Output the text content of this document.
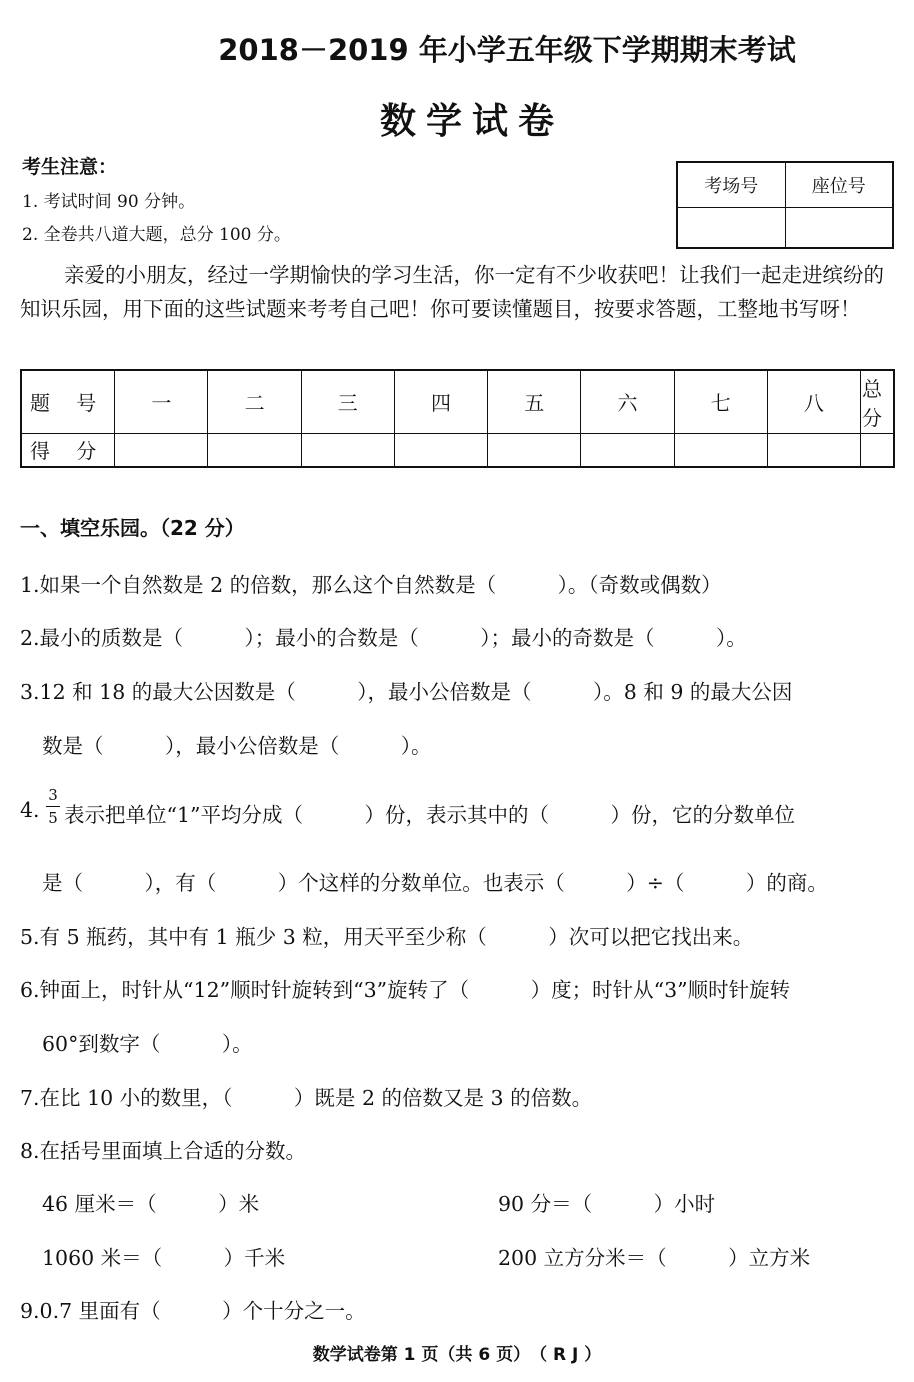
2018－2019 年小学五年级下学期期末考试
数学试卷
考生注意：
1. 考试时间 90 分钟。
2. 全卷共八道大题，总分 100 分。
考场号	座位号

亲爱的小朋友，经过一学期愉快的学习生活，你一定有不少收获吧！让我们一起走进缤纷的知识乐园，用下面的这些试题来考考自己吧！你可要读懂题目，按要求答题，工整地书写呀！
题 号	一	二	三	四	五	六	七	八	总 分
得 分									
一、填空乐园。（22 分）
1.如果一个自然数是 2 的倍数，那么这个自然数是（　　　）。（奇数或偶数）
2.最小的质数是（　　　）；最小的合数是（　　　）；最小的奇数是（　　　）。
3.12 和 18 的最大公因数是（　　　），最小公倍数是（　　　）。8 和 9 的最大公因
数是（　　　），最小公倍数是（　　　）。
4. $\frac{3}{5}$ 表示把单位“1”平均分成（　　　）份，表示其中的（　　　）份，它的分数单位
是（　　　），有（　　　）个这样的分数单位。也表示（　　　）÷（　　　）的商。
5.有 5 瓶药，其中有 1 瓶少 3 粒，用天平至少称（　　　）次可以把它找出来。
6.钟面上，时针从“12”顺时针旋转到“3”旋转了（　　　）度；时针从“3”顺时针旋转
60°到数字（　　　）。
7.在比 10 小的数里，（　　　）既是 2 的倍数又是 3 的倍数。
8.在括号里面填上合适的分数。
46 厘米＝（　　　）米	90 分＝（　　　）小时
1060 米＝（　　　）千米	200 立方分米＝（　　　）立方米
9.0.7 里面有（　　　）个十分之一。
数学试卷第 1 页（共 6 页）　（ R J ）
